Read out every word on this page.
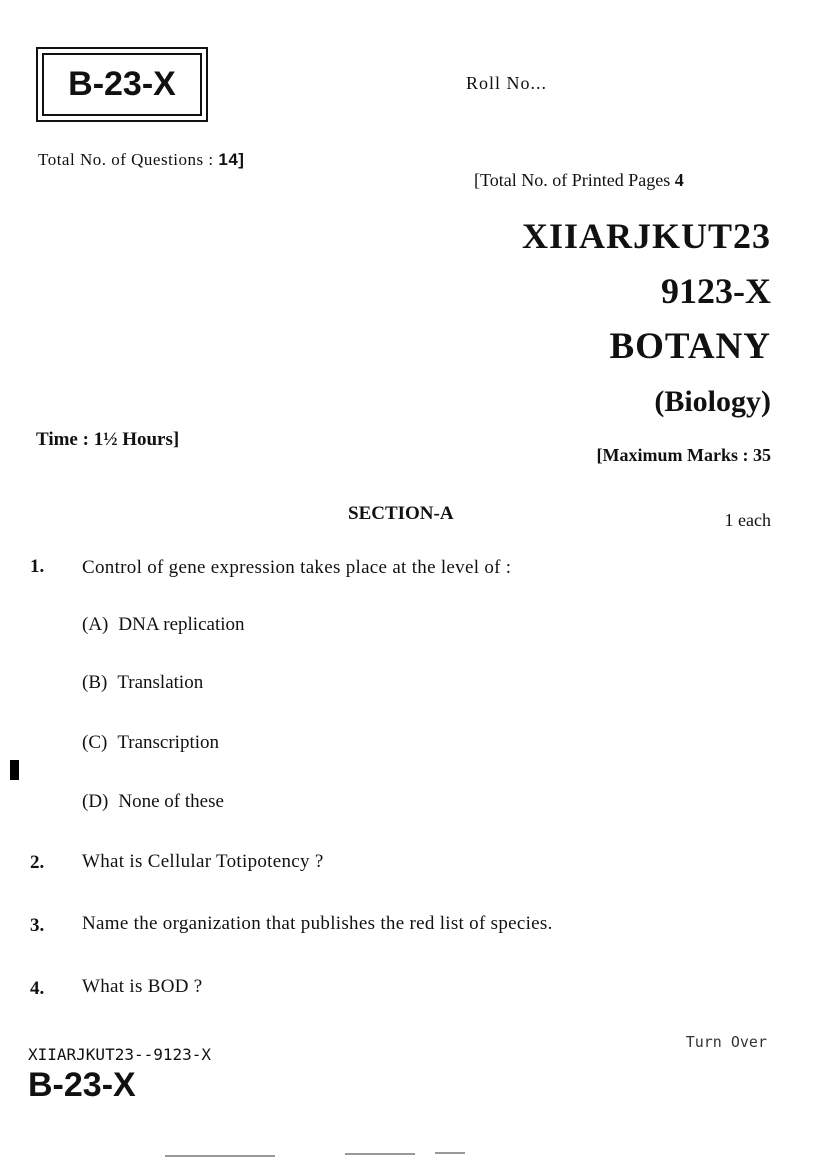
B-23-X	Roll No...
Total No. of Questions : 14]
[Total No. of Printed Pages 4
XIIARJKUT23
9123-X
BOTANY
(Biology)
Time : 1½ Hours]
[Maximum Marks : 35
SECTION-A	1 each
1. Control of gene expression takes place at the level of :
(A) DNA replication
(B) Translation
(C) Transcription
(D) None of these
2. What is Cellular Totipotency ?
3. Name the organization that publishes the red list of species.
4. What is BOD ?
Turn Over
XIIARJKUT23--9123-X
B-23-X
